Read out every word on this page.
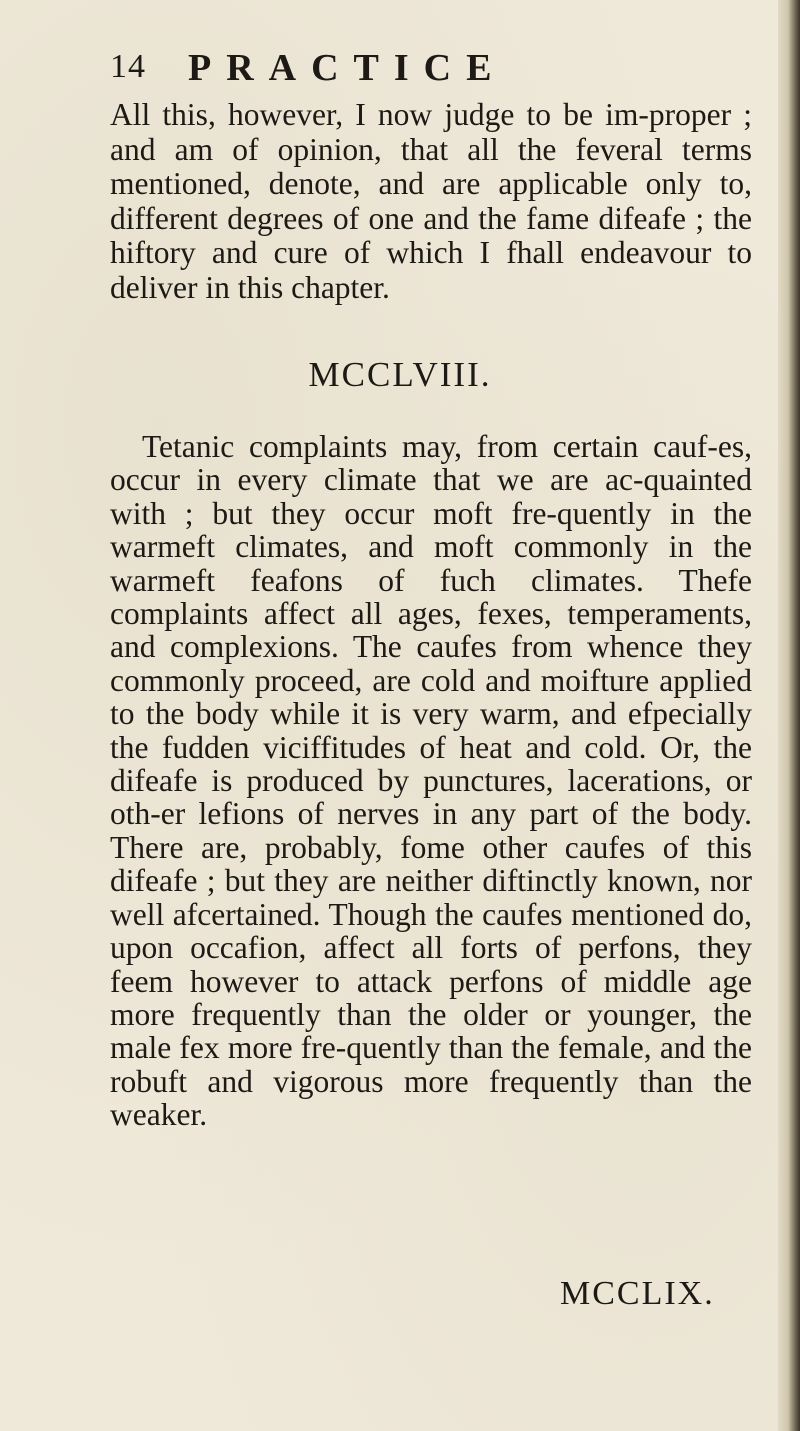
14 PRACTICE

All this, however, I now judge to be im-proper ; and am of opinion, that all the feveral terms mentioned, denote, and are applicable only to, different degrees of one and the fame difeafe ; the hiftory and cure of which I fhall endeavour to deliver in this chapter.

MCCLVIII.

Tetanic complaints may, from certain cauf-es, occur in every climate that we are ac-quainted with ; but they occur moft fre-quently in the warmeft climates, and moft commonly in the warmeft feafons of fuch climates. Thefe complaints affect all ages, fexes, temperaments, and complexions. The caufes from whence they commonly proceed, are cold and moifture applied to the body while it is very warm, and efpecially the fudden viciffitudes of heat and cold. Or, the difeafe is produced by punctures, lacerations, or oth-er lefions of nerves in any part of the body. There are, probably, fome other caufes of this difeafe ; but they are neither diftinctly known, nor well afcertained. Though the caufes mentioned do, upon occafion, affect all forts of perfons, they feem however to attack perfons of middle age more frequently than the older or younger, the male fex more fre-quently than the female, and the robuft and vigorous more frequently than the weaker.

MCCLIX.
